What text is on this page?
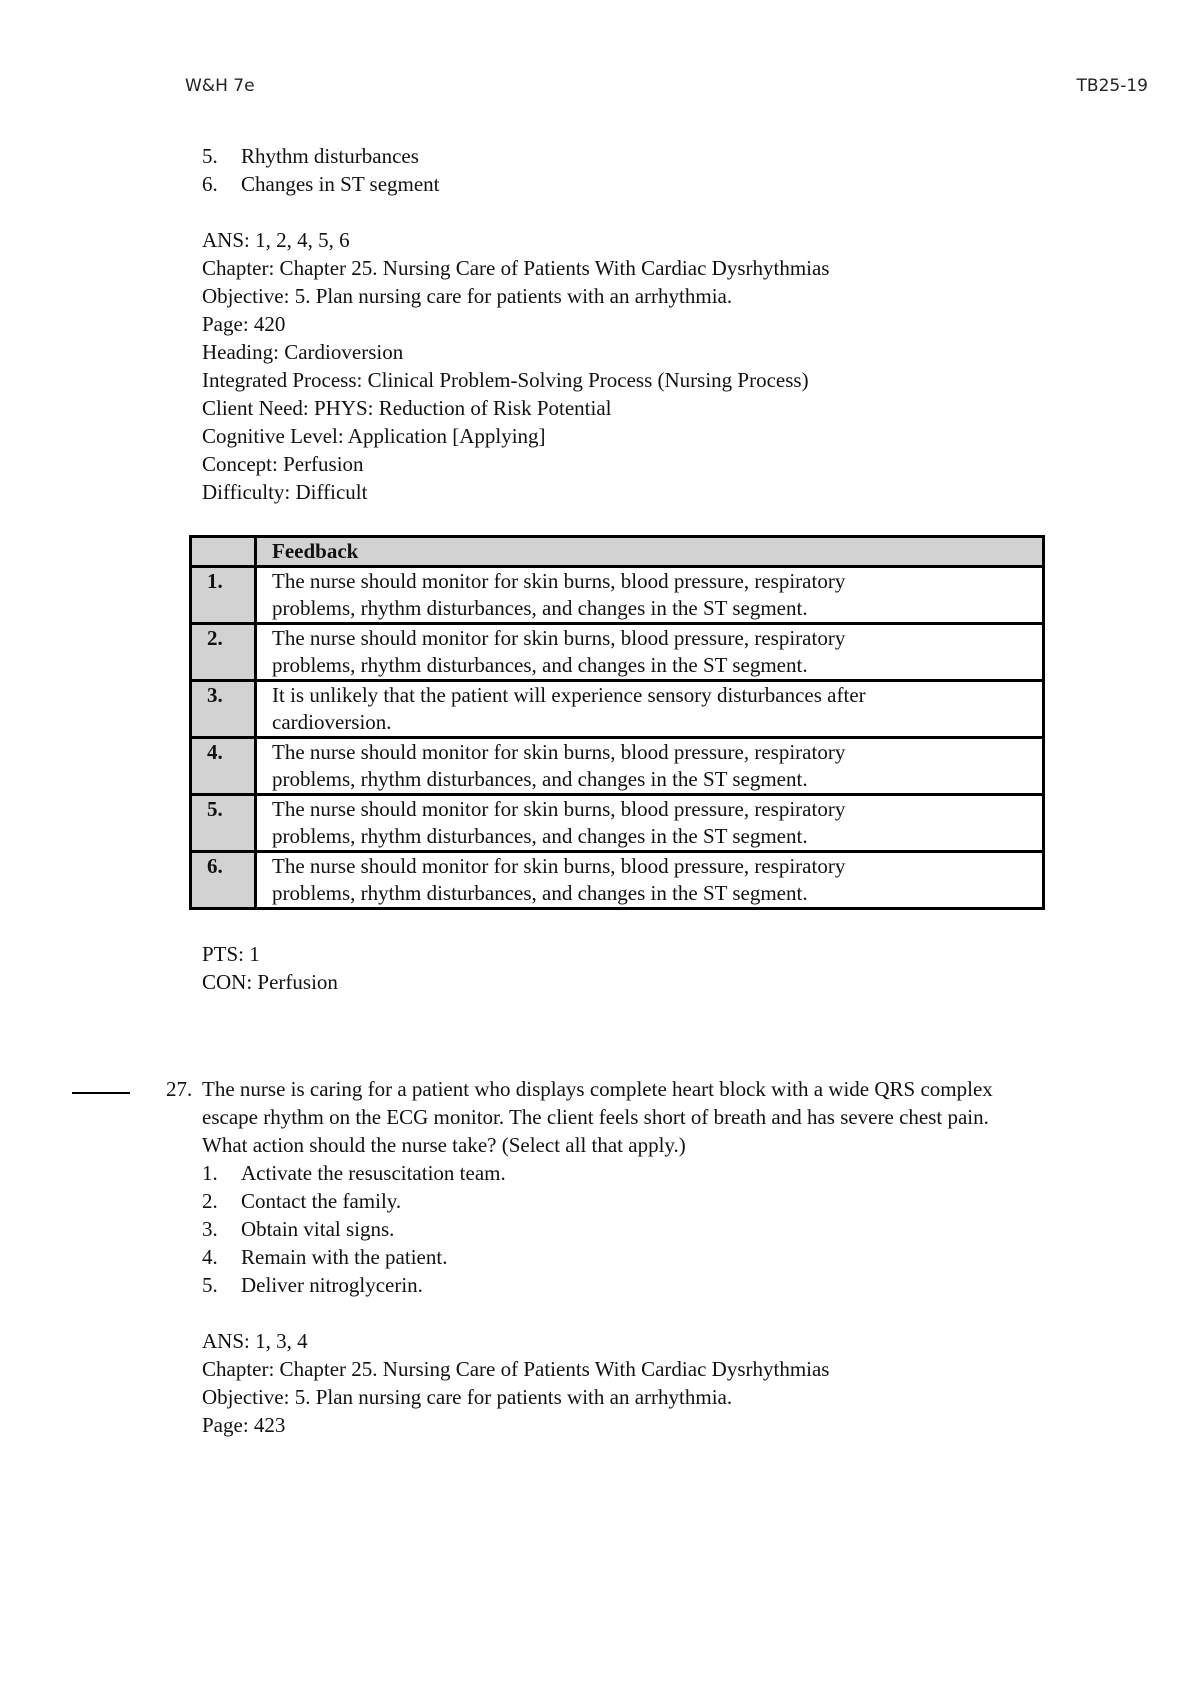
W&H 7e	TB25-19
5. Rhythm disturbances
6. Changes in ST segment
ANS: 1, 2, 4, 5, 6
Chapter: Chapter 25. Nursing Care of Patients With Cardiac Dysrhythmias
Objective: 5. Plan nursing care for patients with an arrhythmia.
Page: 420
Heading: Cardioversion
Integrated Process: Clinical Problem-Solving Process (Nursing Process)
Client Need: PHYS: Reduction of Risk Potential
Cognitive Level: Application [Applying]
Concept: Perfusion
Difficulty: Difficult
	Feedback
1.	The nurse should monitor for skin burns, blood pressure, respiratory
problems, rhythm disturbances, and changes in the ST segment.

2.	The nurse should monitor for skin burns, blood pressure, respiratory
problems, rhythm disturbances, and changes in the ST segment.

3.	It is unlikely that the patient will experience sensory disturbances after
cardioversion.

4.	The nurse should monitor for skin burns, blood pressure, respiratory
problems, rhythm disturbances, and changes in the ST segment.

5.	The nurse should monitor for skin burns, blood pressure, respiratory
problems, rhythm disturbances, and changes in the ST segment.

6.	The nurse should monitor for skin burns, blood pressure, respiratory
problems, rhythm disturbances, and changes in the ST segment.
PTS: 1
CON: Perfusion
27. The nurse is caring for a patient who displays complete heart block with a wide QRS complex
escape rhythm on the ECG monitor. The client feels short of breath and has severe chest pain.
What action should the nurse take? (Select all that apply.)
1. Activate the resuscitation team.
2. Contact the family.
3. Obtain vital signs.
4. Remain with the patient.
5. Deliver nitroglycerin.
ANS: 1, 3, 4
Chapter: Chapter 25. Nursing Care of Patients With Cardiac Dysrhythmias
Objective: 5. Plan nursing care for patients with an arrhythmia.
Page: 423
